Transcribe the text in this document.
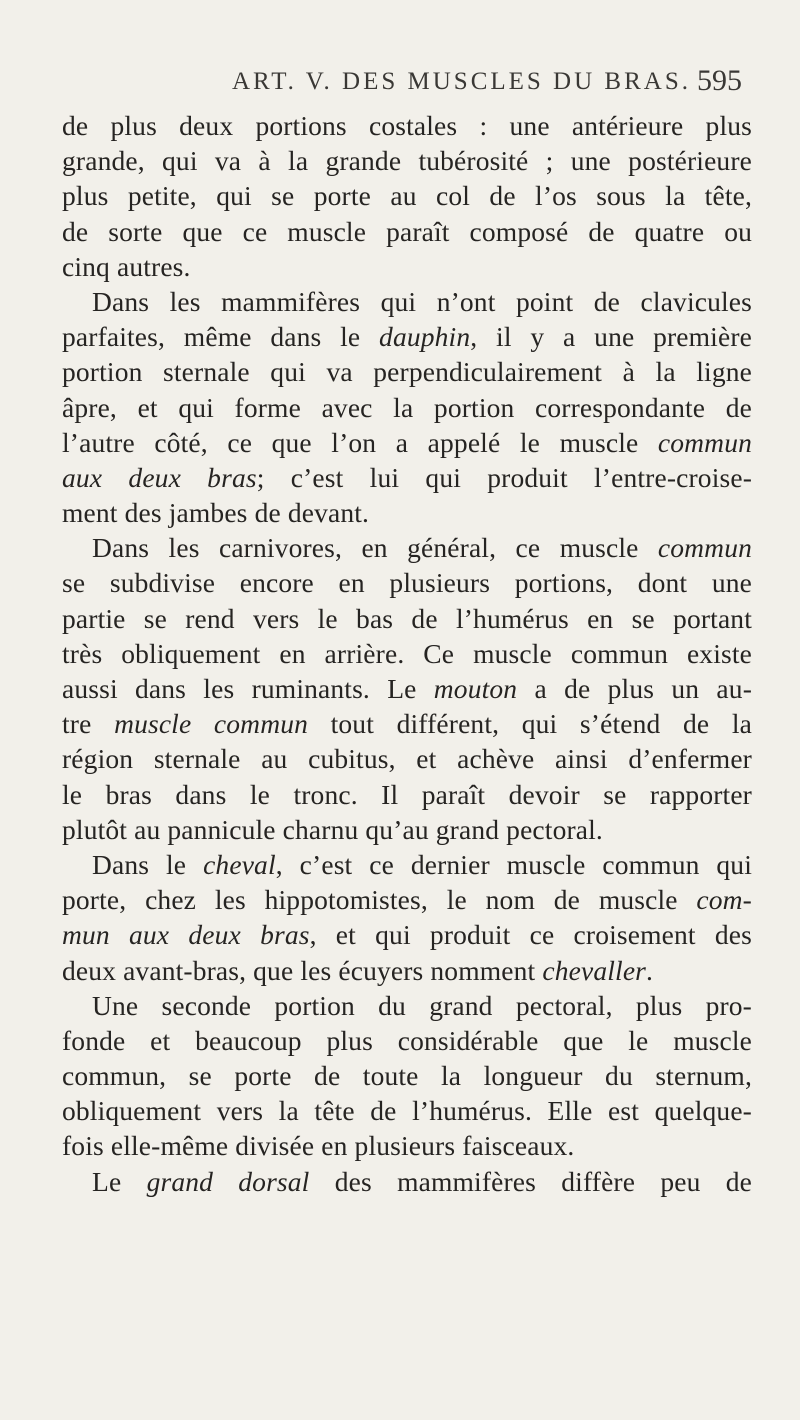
ART. V. DES MUSCLES DU BRAS. 595
de plus deux portions costales : une antérieure plus
grande, qui va à la grande tubérosité ; une postérieure
plus petite, qui se porte au col de l’os sous la tête,
de sorte que ce muscle paraît composé de quatre ou
cinq autres.
Dans les mammifères qui n’ont point de clavicules
parfaites, même dans le dauphin, il y a une première
portion sternale qui va perpendiculairement à la ligne
âpre, et qui forme avec la portion correspondante de
l’autre côté, ce que l’on a appelé le muscle commun
aux deux bras; c’est lui qui produit l’entre-croise-
ment des jambes de devant.
Dans les carnivores, en général, ce muscle commun
se subdivise encore en plusieurs portions, dont une
partie se rend vers le bas de l’humérus en se portant
très obliquement en arrière. Ce muscle commun existe
aussi dans les ruminants. Le mouton a de plus un au-
tre muscle commun tout différent, qui s’étend de la
région sternale au cubitus, et achève ainsi d’enfermer
le bras dans le tronc. Il paraît devoir se rapporter
plutôt au pannicule charnu qu’au grand pectoral.
Dans le cheval, c’est ce dernier muscle commun qui
porte, chez les hippotomistes, le nom de muscle com-
mun aux deux bras, et qui produit ce croisement des
deux avant-bras, que les écuyers nomment chevaller.
Une seconde portion du grand pectoral, plus pro-
fonde et beaucoup plus considérable que le muscle
commun, se porte de toute la longueur du sternum,
obliquement vers la tête de l’humérus. Elle est quelque-
fois elle-même divisée en plusieurs faisceaux.
Le grand dorsal des mammifères diffère peu de
